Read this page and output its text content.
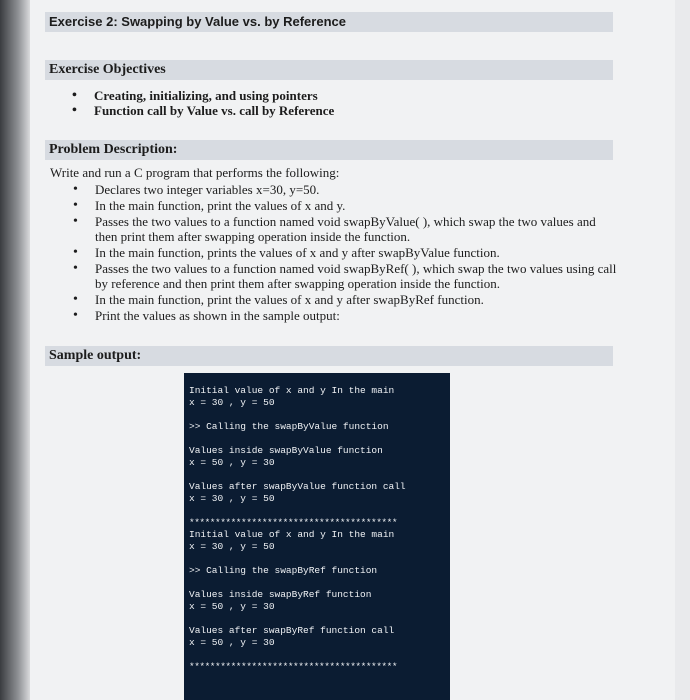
Exercise 2: Swapping by Value vs. by Reference
Exercise Objectives
• Creating, initializing, and using pointers
• Function call by Value vs. call by Reference
Problem Description:
Write and run a C program that performs the following:
• Declares two integer variables x=30, y=50.
• In the main function, print the values of x and y.
• Passes the two values to a function named void swapByValue( ), which swap the two values and then print them after swapping operation inside the function.
• In the main function, prints the values of x and y after swapByValue function.
• Passes the two values to a function named void swapByRef( ), which swap the two values using call by reference and then print them after swapping operation inside the function.
• In the main function, print the values of x and y after swapByRef function.
• Print the values as shown in the sample output:
Sample output:
Initial value of x and y In the main
x = 30 , y = 50
>> Calling the swapByValue function
Values inside swapByValue function
x = 50 , y = 30
Values after swapByValue function call
x = 30 , y = 50
****************************************
Initial value of x and y In the main
x = 30 , y = 50
>> Calling the swapByRef function
Values inside swapByRef function
x = 50 , y = 30
Values after swapByRef function call
x = 50 , y = 30
****************************************
